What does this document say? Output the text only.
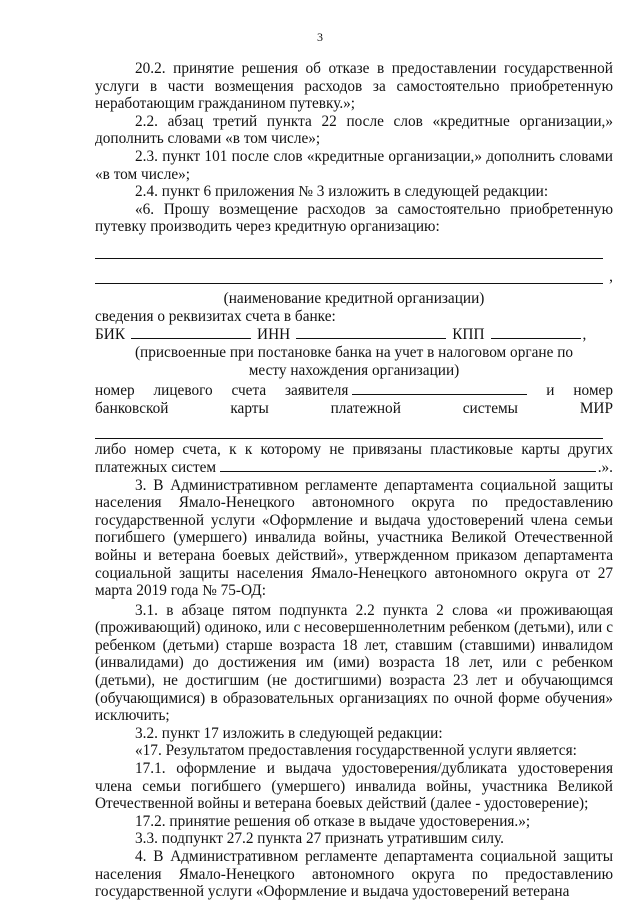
3

20.2. принятие решения об отказе в предоставлении государственной услуги в части возмещения расходов за самостоятельно приобретенную неработающим гражданином путевку.»;

2.2. абзац третий пункта 22 после слов «кредитные организации,» дополнить словами «в том числе»;

2.3. пункт 101 после слов «кредитные организации,» дополнить словами «в том числе»;

2.4. пункт 6 приложения № 3 изложить в следующей редакции:

«6. Прошу возмещение расходов за самостоятельно приобретенную путевку производить через кредитную организацию:

,

(наименование кредитной организации)

сведения о реквизитах счета в банке:

БИК	ИНН	КПП	,

(присвоенные при постановке банка на учет в налоговом органе по месту нахождения организации)

номер лицевого счета заявителя	и номер
банковской	карты	платежной	системы	МИР

либо номер счета, к к которому не привязаны пластиковые карты других

платежных систем	.».

3. В Административном регламенте департамента социальной защиты населения Ямало-Ненецкого автономного округа по предоставлению государственной услуги «Оформление и выдача удостоверений члена семьи погибшего (умершего) инвалида войны, участника Великой Отечественной войны и ветерана боевых действий», утвержденном приказом департамента социальной защиты населения Ямало-Ненецкого автономного округа от 27 марта 2019 года № 75-ОД:

3.1. в абзаце пятом подпункта 2.2 пункта 2 слова «и проживающая (проживающий) одиноко, или с несовершеннолетним ребенком (детьми), или с ребенком (детьми) старше возраста 18 лет, ставшим (ставшими) инвалидом (инвалидами) до достижения им (ими) возраста 18 лет, или с ребенком (детьми), не достигшим (не достигшими) возраста 23 лет и обучающимся (обучающимися) в образовательных организациях по очной форме обучения» исключить;

3.2. пункт 17 изложить в следующей редакции:

«17. Результатом предоставления государственной услуги является:

17.1. оформление и выдача удостоверения/дубликата удостоверения члена семьи погибшего (умершего) инвалида войны, участника Великой Отечественной войны и ветерана боевых действий (далее - удостоверение);

17.2. принятие решения об отказе в выдаче удостоверения.»;

3.3. подпункт 27.2 пункта 27 признать утратившим силу.

4. В Административном регламенте департамента социальной защиты населения Ямало-Ненецкого автономного округа по предоставлению государственной услуги «Оформление и выдача удостоверений ветерана
